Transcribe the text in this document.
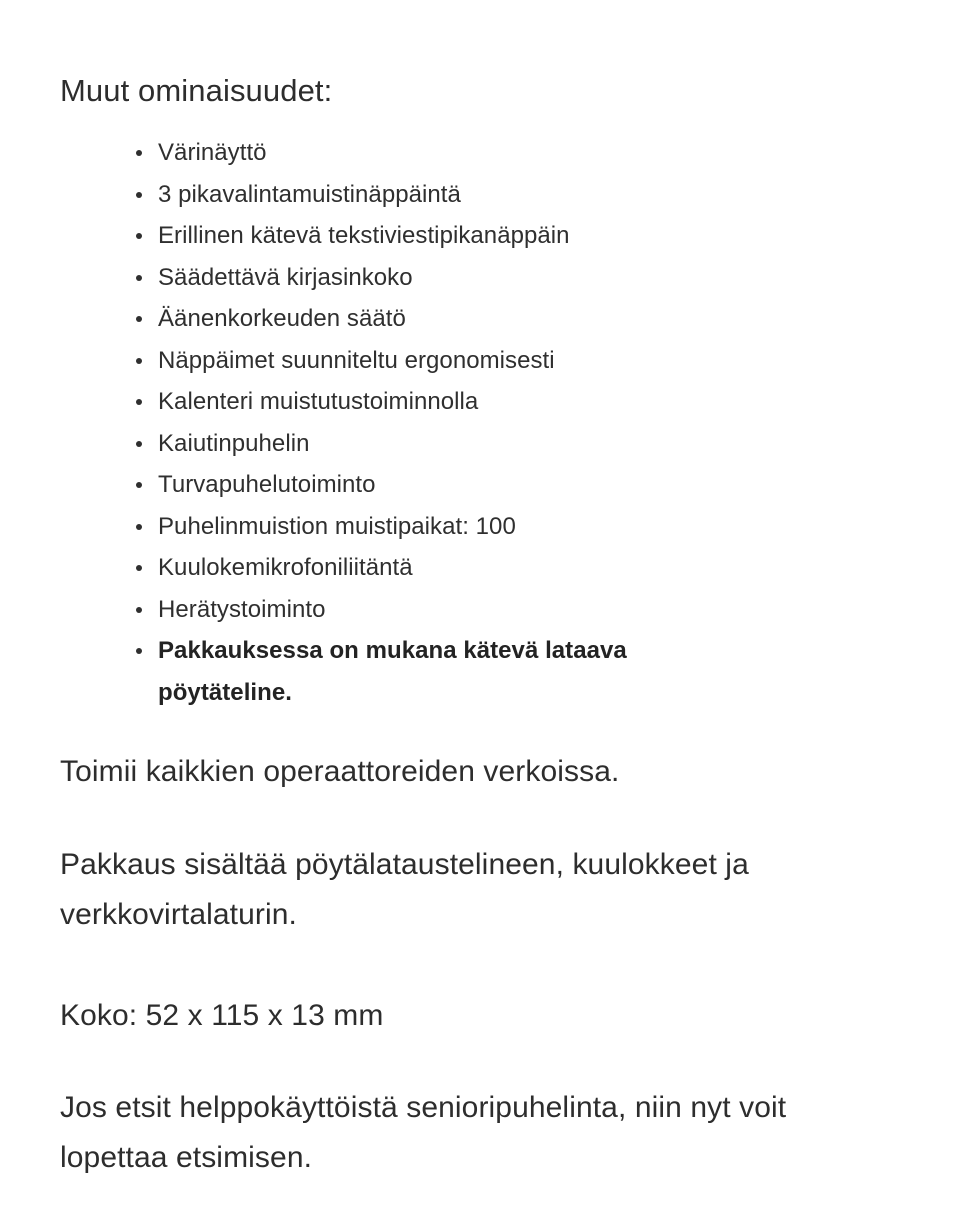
Muut ominaisuudet:
Värinäyttö
3 pikavalintamuistinäppäintä
Erillinen kätevä tekstiviestipikanäppäin
Säädettävä kirjasinkoko
Äänenkorkeuden säätö
Näppäimet suunniteltu ergonomisesti
Kalenteri muistutustoiminnolla
Kaiutinpuhelin
Turvapuhelutoiminto
Puhelinmuistion muistipaikat: 100
Kuulokemikrofoniliitäntä
Herätystoiminto
Pakkauksessa on mukana kätevä lataava pöytäteline.

Toimii kaikkien operaattoreiden verkoissa.

Pakkaus sisältää pöytälataustelineen, kuulokkeet ja verkkovirtalaturin.

Koko: 52 x 115 x 13 mm

Jos etsit helppokäyttöistä senioripuhelinta, niin nyt voit lopettaa etsimisen.
